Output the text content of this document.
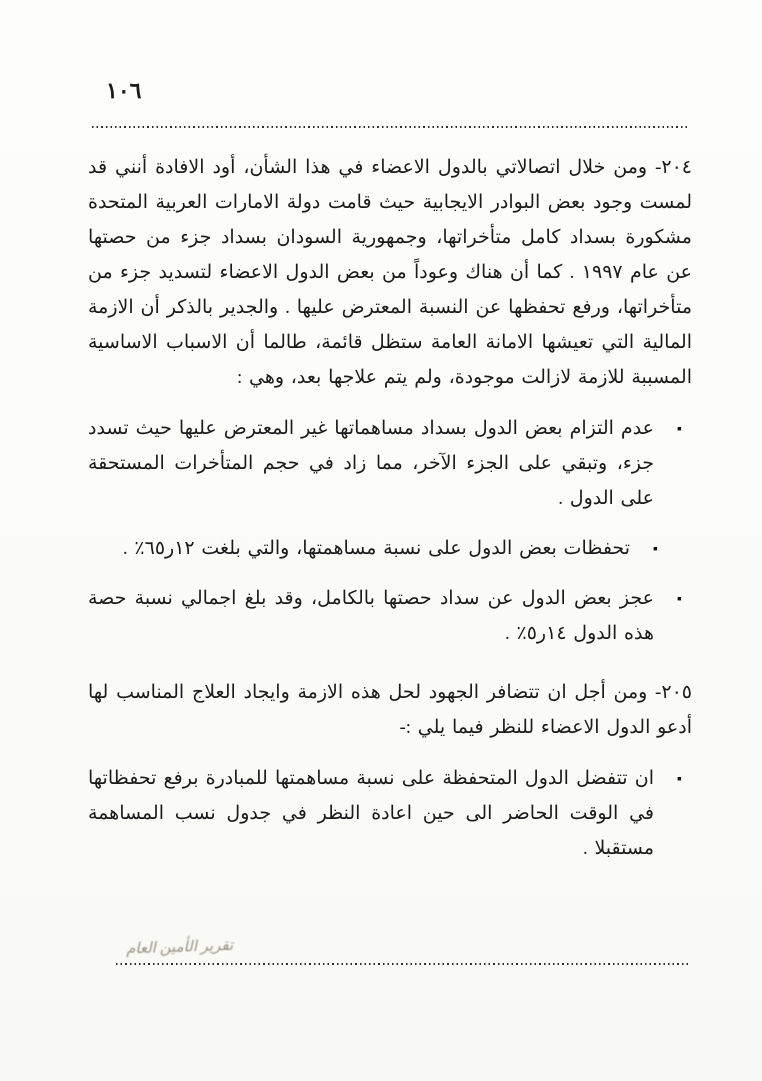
١٠٦

٢٠٤- ومن خلال اتصالاتي بالدول الاعضاء في هذا الشأن، أود الافادة أنني قد لمست وجود بعض البوادر الايجابية حيث قامت دولة الامارات العربية المتحدة مشكورة بسداد كامل متأخراتها، وجمهورية السودان بسداد جزء من حصتها عن عام ١٩٩٧ . كما أن هناك وعوداً من بعض الدول الاعضاء لتسديد جزء من متأخراتها، ورفع تحفظها عن النسبة المعترض عليها . والجدير بالذكر أن الازمة المالية التي تعيشها الامانة العامة ستظل قائمة، طالما أن الاسباب الاساسية المسببة للازمة لازالت موجودة، ولم يتم علاجها بعد، وهي :

▪
عدم التزام بعض الدول بسداد مساهماتها غير المعترض عليها حيث تسدد جزء، وتبقي على الجزء الآخر، مما زاد في حجم المتأخرات المستحقة على الدول .
▪
تحفظات بعض الدول على نسبة مساهمتها، والتي بلغت ١٢ر٦٥٪ .
▪
عجز بعض الدول عن سداد حصتها بالكامل، وقد بلغ اجمالي نسبة حصة هذه الدول ١٤ر٥٪ .

٢٠٥- ومن أجل ان تتضافر الجهود لحل هذه الازمة وايجاد العلاج المناسب لها أدعو الدول الاعضاء للنظر فيما يلي :-

▪
ان تتفضل الدول المتحفظة على نسبة مساهمتها للمبادرة برفع تحفظاتها في الوقت الحاضر الى حين اعادة النظر في جدول نسب المساهمة مستقبلا .
تقرير الأمين العام
